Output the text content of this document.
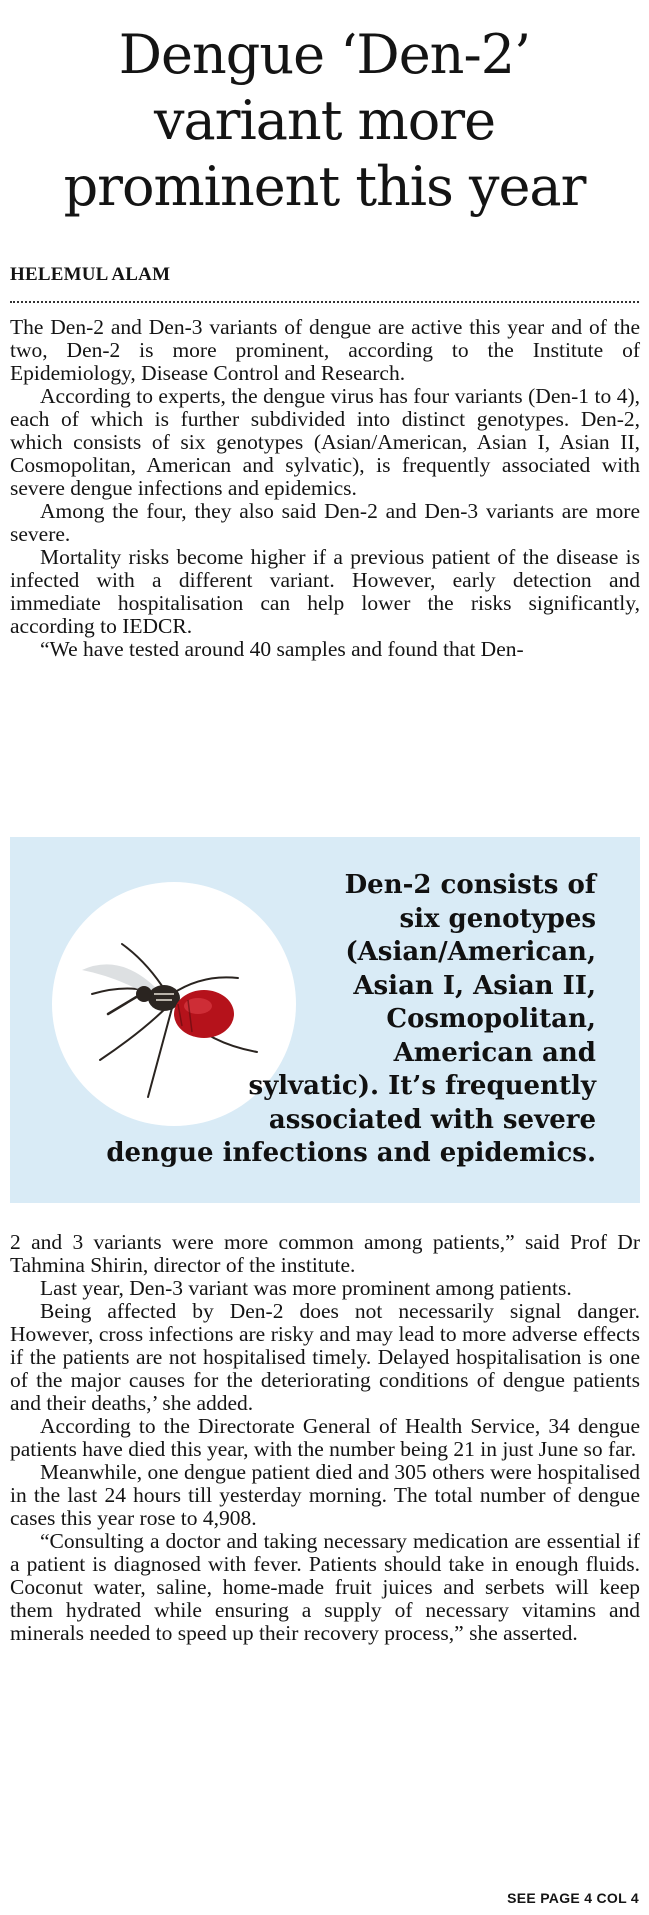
Dengue ‘Den-2’
variant more
prominent this year
HELEMUL ALAM

The Den-2 and Den-3 variants of dengue are active this year and of the two, Den-2 is more prominent, according to the Institute of Epidemiology, Disease Control and Research.

According to experts, the dengue virus has four variants (Den-1 to 4), each of which is further subdivided into distinct genotypes. Den-2, which consists of six genotypes (Asian/American, Asian I, Asian II, Cosmopolitan, American and sylvatic), is frequently associated with severe dengue infections and epidemics.

Among the four, they also said Den-2 and Den-3 variants are more severe.

Mortality risks become higher if a previous patient of the disease is infected with a different variant. However, early detection and immediate hospitalisation can help lower the risks significantly, according to IEDCR.

“We have tested around 40 samples and found that Den-

Den-2 consists of
six genotypes
(Asian/American,
Asian I, Asian II,
Cosmopolitan,
American and
sylvatic). It’s frequently
associated with severe
dengue infections and epidemics.

2 and 3 variants were more common among patients,” said Prof Dr Tahmina Shirin, director of the institute.

Last year, Den-3 variant was more prominent among patients.

Being affected by Den-2 does not necessarily signal danger. However, cross infections are risky and may lead to more adverse effects if the patients are not hospitalised timely. Delayed hospitalisation is one of the major causes for the deteriorating conditions of dengue patients and their deaths,’ she added.

According to the Directorate General of Health Service, 34 dengue patients have died this year, with the number being 21 in just June so far.

Meanwhile, one dengue patient died and 305 others were hospitalised in the last 24 hours till yesterday morning. The total number of dengue cases this year rose to 4,908.

“Consulting a doctor and taking necessary medication are essential if a patient is diagnosed with fever. Patients should take in enough fluids. Coconut water, saline, home-made fruit juices and serbets will keep them hydrated while ensuring a supply of necessary vitamins and minerals needed to speed up their recovery process,” she asserted.

SEE PAGE 4 COL 4
